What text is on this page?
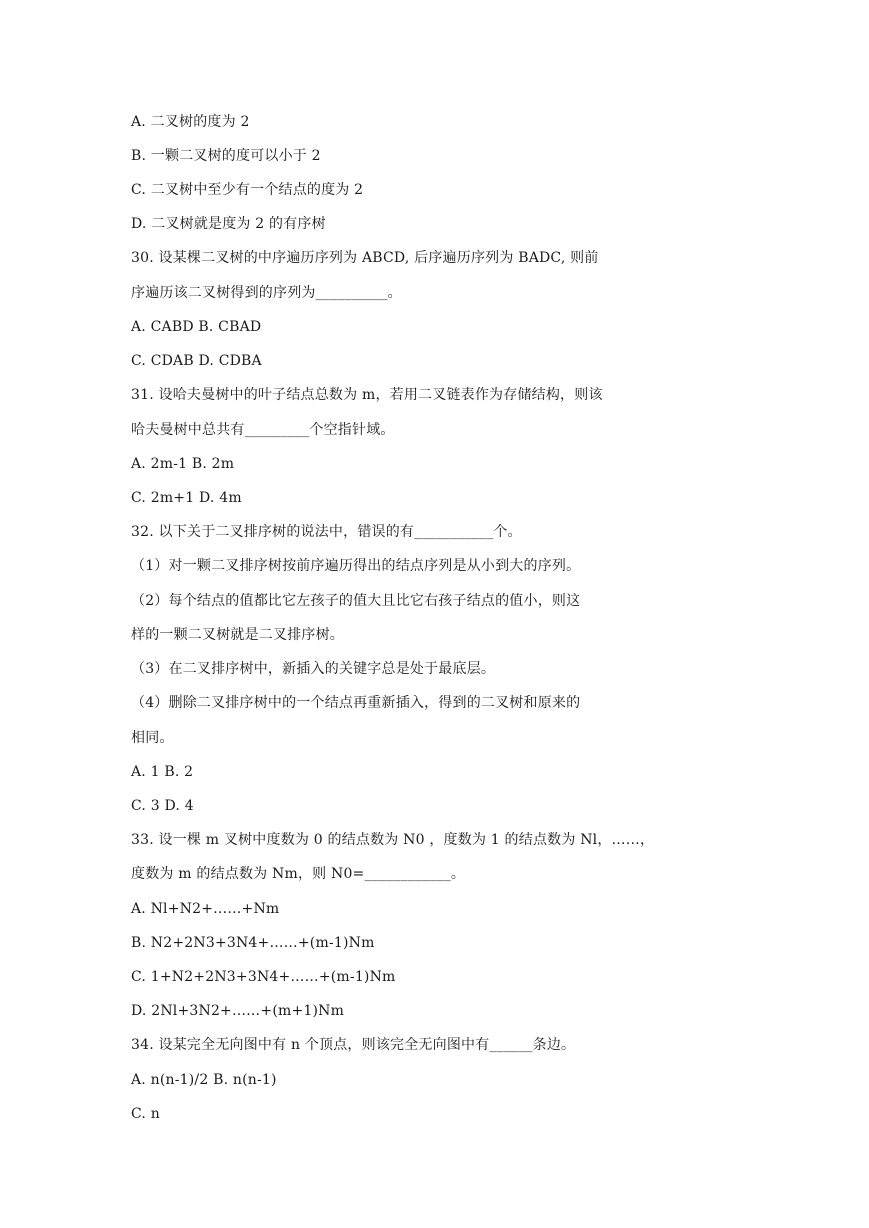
A. 二叉树的度为 2
B. 一颗二叉树的度可以小于 2
C. 二叉树中至少有一个结点的度为 2
D. 二叉树就是度为 2 的有序树
30. 设某棵二叉树的中序遍历序列为 ABCD, 后序遍历序列为 BADC, 则前
序遍历该二叉树得到的序列为__________。
A. CABD B. CBAD
C. CDAB D. CDBA
31. 设哈夫曼树中的叶子结点总数为 m，若用二叉链表作为存储结构，则该
哈夫曼树中总共有_________个空指针域。
A. 2m-1 B. 2m
C. 2m+1 D. 4m
32. 以下关于二叉排序树的说法中，错误的有___________个。
（1）对一颗二叉排序树按前序遍历得出的结点序列是从小到大的序列。
（2）每个结点的值都比它左孩子的值大且比它右孩子结点的值小，则这
样的一颗二叉树就是二叉排序树。
（3）在二叉排序树中，新插入的关键字总是处于最底层。
（4）删除二叉排序树中的一个结点再重新插入，得到的二叉树和原来的
相同。
A. 1 B. 2
C. 3 D. 4
33. 设一棵 m 叉树中度数为 0 的结点数为 N0 ，度数为 1 的结点数为 Nl，……，
度数为 m 的结点数为 Nm，则 N0=____________。
A. Nl+N2+……+Nm
B. N2+2N3+3N4+……+(m-1)Nm
C. 1+N2+2N3+3N4+……+(m-1)Nm
D. 2Nl+3N2+……+(m+1)Nm
34. 设某完全无向图中有 n 个顶点，则该完全无向图中有______条边。
A. n(n-1)/2 B. n(n-1)
C. n
